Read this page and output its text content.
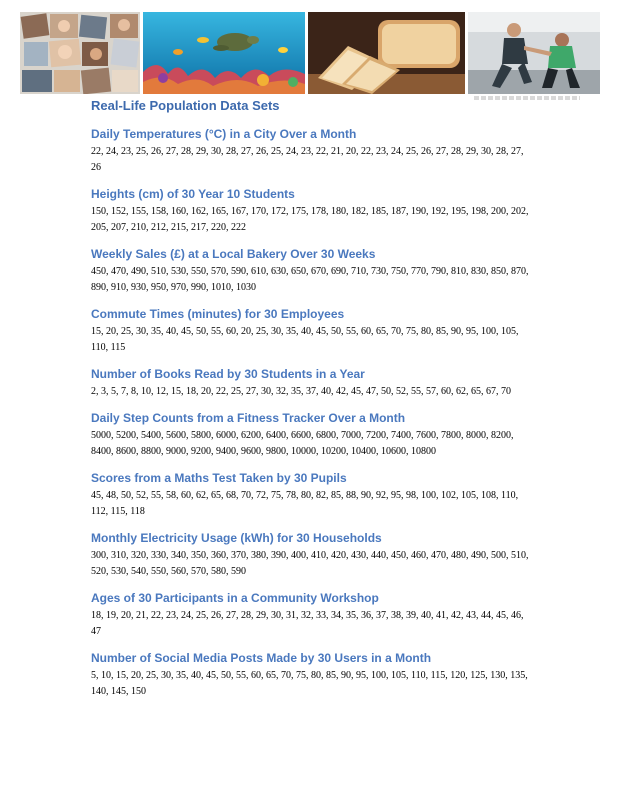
Real-Life Population Data Sets
Daily Temperatures (°C) in a City Over a Month

22, 24, 23, 25, 26, 27, 28, 29, 30, 28, 27, 26, 25, 24, 23, 22, 21, 20, 22, 23, 24, 25, 26, 27, 28, 29, 30, 28, 27, 26

Heights (cm) of 30 Year 10 Students

150, 152, 155, 158, 160, 162, 165, 167, 170, 172, 175, 178, 180, 182, 185, 187, 190, 192, 195, 198, 200, 202, 205, 207, 210, 212, 215, 217, 220, 222

Weekly Sales (£) at a Local Bakery Over 30 Weeks

450, 470, 490, 510, 530, 550, 570, 590, 610, 630, 650, 670, 690, 710, 730, 750, 770, 790, 810, 830, 850, 870, 890, 910, 930, 950, 970, 990, 1010, 1030

Commute Times (minutes) for 30 Employees

15, 20, 25, 30, 35, 40, 45, 50, 55, 60, 20, 25, 30, 35, 40, 45, 50, 55, 60, 65, 70, 75, 80, 85, 90, 95, 100, 105, 110, 115

Number of Books Read by 30 Students in a Year

2, 3, 5, 7, 8, 10, 12, 15, 18, 20, 22, 25, 27, 30, 32, 35, 37, 40, 42, 45, 47, 50, 52, 55, 57, 60, 62, 65, 67, 70

Daily Step Counts from a Fitness Tracker Over a Month

5000, 5200, 5400, 5600, 5800, 6000, 6200, 6400, 6600, 6800, 7000, 7200, 7400, 7600, 7800, 8000, 8200, 8400, 8600, 8800, 9000, 9200, 9400, 9600, 9800, 10000, 10200, 10400, 10600, 10800

Scores from a Maths Test Taken by 30 Pupils

45, 48, 50, 52, 55, 58, 60, 62, 65, 68, 70, 72, 75, 78, 80, 82, 85, 88, 90, 92, 95, 98, 100, 102, 105, 108, 110, 112, 115, 118

Monthly Electricity Usage (kWh) for 30 Households

300, 310, 320, 330, 340, 350, 360, 370, 380, 390, 400, 410, 420, 430, 440, 450, 460, 470, 480, 490, 500, 510, 520, 530, 540, 550, 560, 570, 580, 590

Ages of 30 Participants in a Community Workshop

18, 19, 20, 21, 22, 23, 24, 25, 26, 27, 28, 29, 30, 31, 32, 33, 34, 35, 36, 37, 38, 39, 40, 41, 42, 43, 44, 45, 46, 47

Number of Social Media Posts Made by 30 Users in a Month

5, 10, 15, 20, 25, 30, 35, 40, 45, 50, 55, 60, 65, 70, 75, 80, 85, 90, 95, 100, 105, 110, 115, 120, 125, 130, 135, 140, 145, 150
